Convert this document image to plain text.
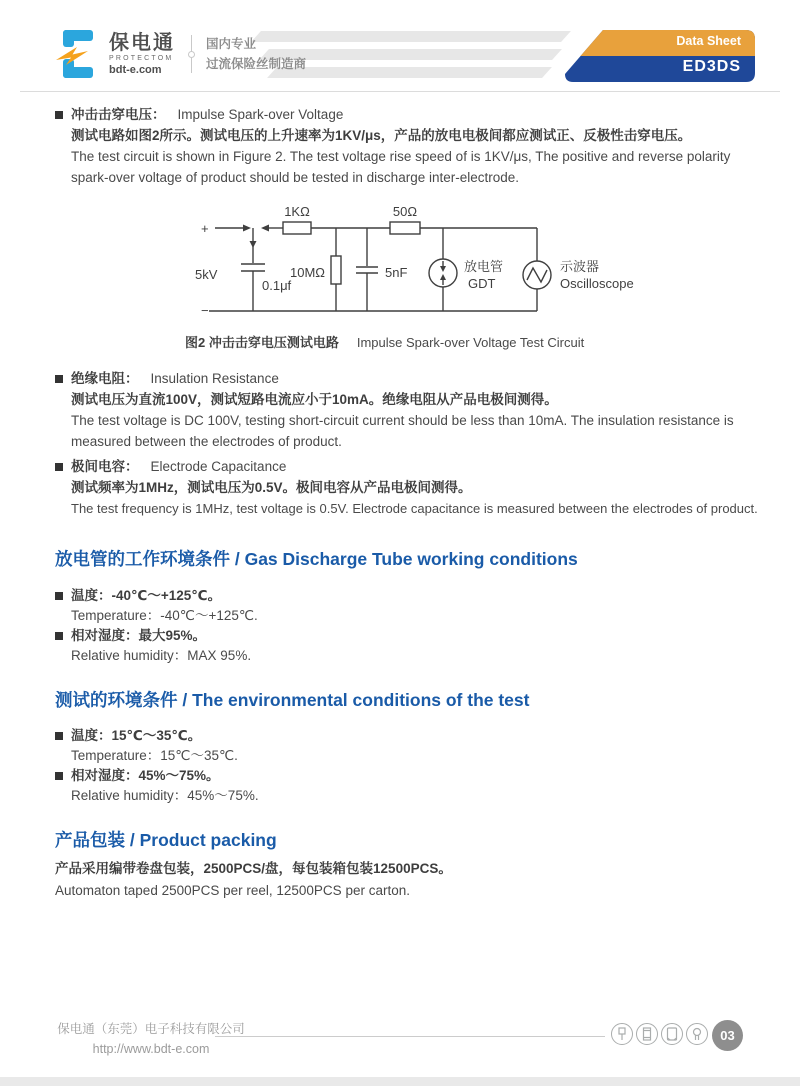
保电通
PROTECTOM
bdt-e.com
国内专业
过流保险丝制造商
Data Sheet
ED3DS
冲击击穿电压： Impulse Spark-over Voltage
测试电路如图2所示。测试电压的上升速率为1KV/μs，产品的放电电极间都应测试正、反极性击穿电压。
The test circuit is shown in Figure 2. The test voltage rise speed of is 1KV/μs, The positive and reverse polarity spark-over voltage of product should be tested in discharge inter-electrode.
+
−
5kV
0.1μf
1KΩ
10MΩ	5nF
50Ω
放电管
GDT
示波器
Oscilloscope
图2 冲击击穿电压测试电路 Impulse Spark-over Voltage Test Circuit
绝缘电阻： Insulation Resistance
测试电压为直流100V，测试短路电流应小于10mA。绝缘电阻从产品电极间测得。
The test voltage is DC 100V, testing short-circuit current should be less than 10mA. The insulation resistance is measured between the electrodes of product.
极间电容： Electrode Capacitance
测试频率为1MHz，测试电压为0.5V。极间电容从产品电极间测得。
The test frequency is 1MHz, test voltage is 0.5V. Electrode capacitance is measured between the electrodes of product.
放电管的工作环境条件 / Gas Discharge Tube working conditions
温度：-40℃～+125℃。
Temperature：-40℃～+125℃.
相对湿度：最大95%。
Relative humidity：MAX 95%.
测试的环境条件 / The environmental conditions of the test
温度：15℃～35℃。
Temperature：15℃～35℃.
相对湿度：45%～75%。
Relative humidity：45%～75%.
产品包装 / Product packing
产品采用编带卷盘包装，2500PCS/盘，每包装箱包装12500PCS。
Automaton taped 2500PCS per reel, 12500PCS per carton.
保电通（东莞）电子科技有限公司
http://www.bdt-e.com
03
